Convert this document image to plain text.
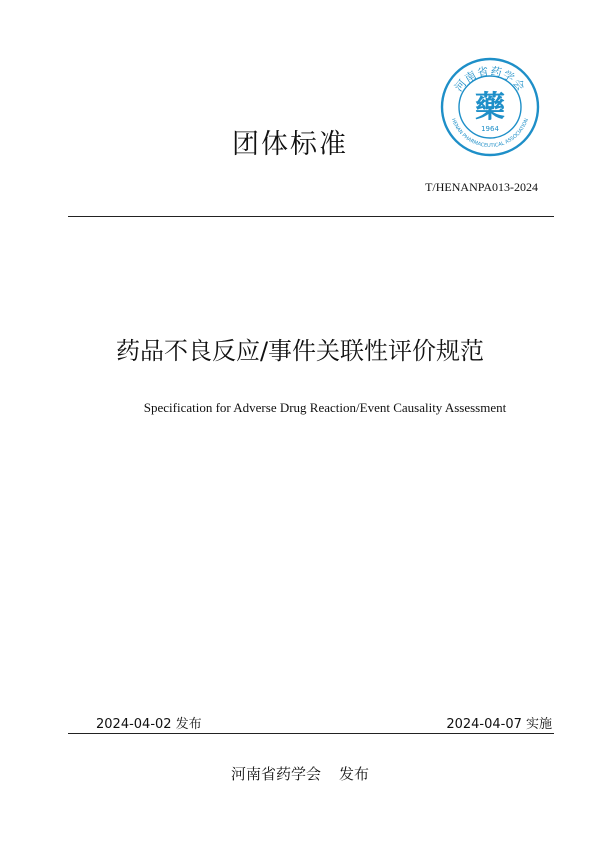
河南省药学会
HENAN PHARMACEUTICAL ASSOCIATION
藥
1964
团体标准
T/HENANPA013-2024
药品不良反应/事件关联性评价规范
Specification for Adverse Drug Reaction/Event Causality Assessment
2024-04-02 发布	2024-04-07 实施
河南省药学会 发布
